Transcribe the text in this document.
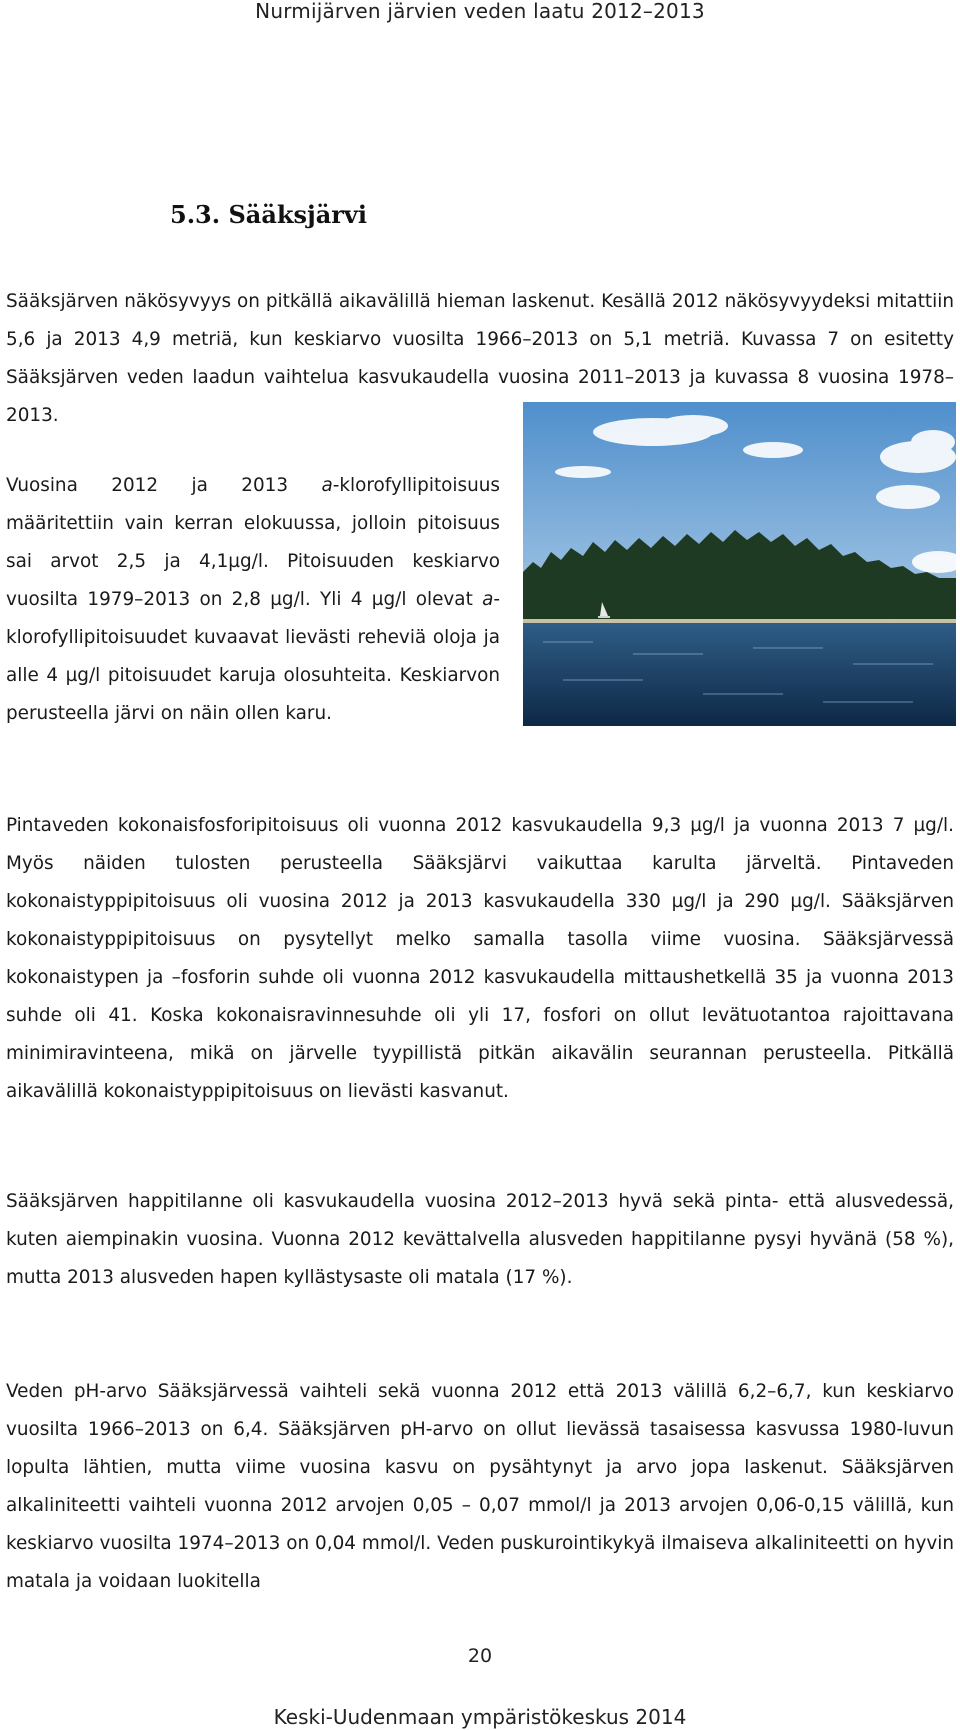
Nurmijärven järvien veden laatu 2012–2013
5.3. Sääksjärvi

Sääksjärven näkösyvyys on pitkällä aikavälillä hieman laskenut. Kesällä 2012 näkösyvyydeksi mitattiin 5,6 ja 2013 4,9 metriä, kun keskiarvo vuosilta 1966–2013 on 5,1 metriä. Kuvassa 7 on esitetty Sääksjärven veden laadun vaihtelua kasvukaudella vuosina 2011–2013 ja kuvassa 8 vuosina 1978–2013.

Vuosina 2012 ja 2013 a-klorofyllipitoisuus määritettiin vain kerran elokuussa, jolloin pitoisuus sai arvot 2,5 ja 4,1µg/l. Pitoisuuden keskiarvo vuosilta 1979–2013 on 2,8 µg/l. Yli 4 µg/l olevat a-klorofyllipitoisuudet kuvaavat lievästi reheviä oloja ja alle 4 µg/l pitoisuudet karuja olosuhteita. Keskiarvon perusteella järvi on näin ollen karu.

Pintaveden kokonaisfosforipitoisuus oli vuonna 2012 kasvukaudella 9,3 µg/l ja vuonna 2013 7 µg/l. Myös näiden tulosten perusteella Sääksjärvi vaikuttaa karulta järveltä. Pintaveden kokonaistyppipitoisuus oli vuosina 2012 ja 2013 kasvukaudella 330 µg/l ja 290 µg/l. Sääksjärven kokonaistyppipitoisuus on pysytellyt melko samalla tasolla viime vuosina. Sääksjärvessä kokonaistypen ja –fosforin suhde oli vuonna 2012 kasvukaudella mittaushetkellä 35 ja vuonna 2013 suhde oli 41. Koska kokonaisravinnesuhde oli yli 17, fosfori on ollut levätuotantoa rajoittavana minimiravinteena, mikä on järvelle tyypillistä pitkän aikavälin seurannan perusteella. Pitkällä aikavälillä kokonaistyppipitoisuus on lievästi kasvanut.

Sääksjärven happitilanne oli kasvukaudella vuosina 2012–2013 hyvä sekä pinta- että alusvedessä, kuten aiempinakin vuosina. Vuonna 2012 kevättalvella alusveden happitilanne pysyi hyvänä (58 %), mutta 2013 alusveden hapen kyllästysaste oli matala (17 %).

Veden pH-arvo Sääksjärvessä vaihteli sekä vuonna 2012 että 2013 välillä 6,2–6,7, kun keskiarvo vuosilta 1966–2013 on 6,4. Sääksjärven pH-arvo on ollut lievässä tasaisessa kasvussa 1980-luvun lopulta lähtien, mutta viime vuosina kasvu on pysähtynyt ja arvo jopa laskenut. Sääksjärven alkaliniteetti vaihteli vuonna 2012 arvojen 0,05 – 0,07 mmol/l ja 2013 arvojen 0,06-0,15 välillä, kun keskiarvo vuosilta 1974–2013 on 0,04 mmol/l. Veden puskurointikykyä ilmaiseva alkaliniteetti on hyvin matala ja voidaan luokitella

20
Keski-Uudenmaan ympäristökeskus 2014
